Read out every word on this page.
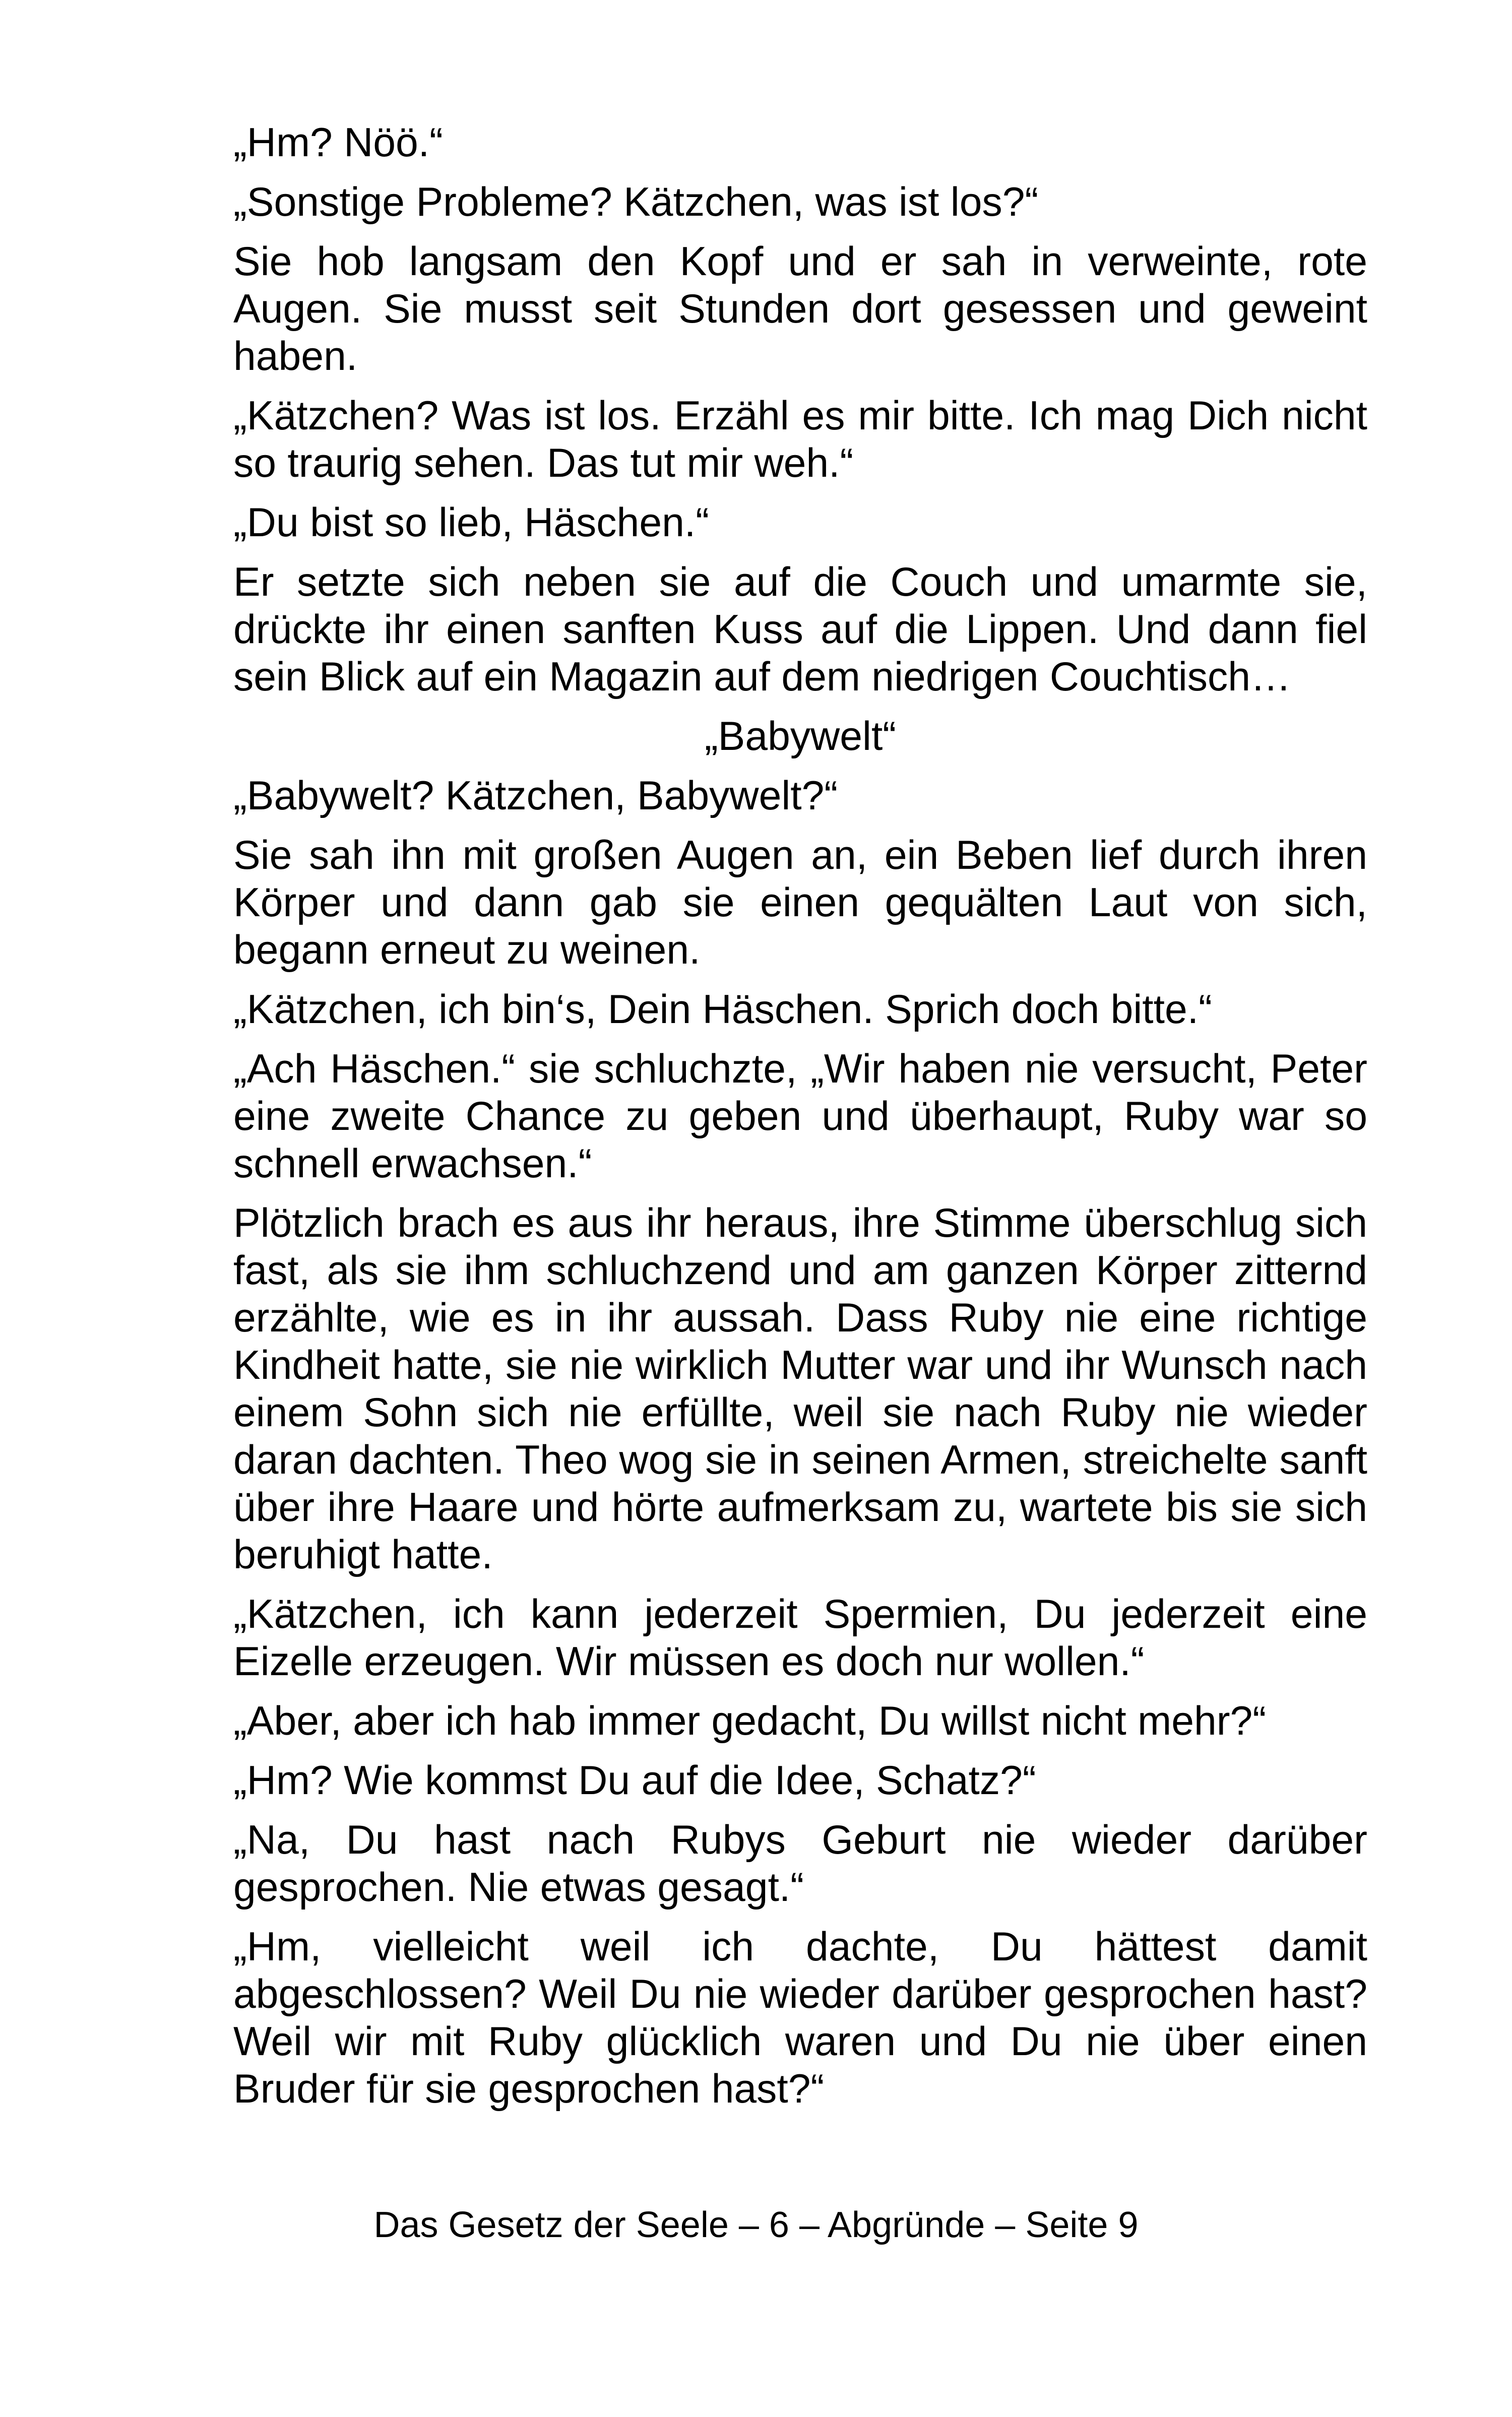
„Hm? Nöö.“

„Sonstige Probleme? Kätzchen, was ist los?“

Sie hob langsam den Kopf und er sah in verweinte, rote Augen. Sie musst seit Stunden dort gesessen und geweint haben.

„Kätzchen? Was ist los. Erzähl es mir bitte. Ich mag Dich nicht so traurig sehen. Das tut mir weh.“

„Du bist so lieb, Häschen.“

Er setzte sich neben sie auf die Couch und umarmte sie, drückte ihr einen sanften Kuss auf die Lippen. Und dann fiel sein Blick auf ein Magazin auf dem niedrigen Couchtisch…

„Babywelt“

„Babywelt? Kätzchen, Babywelt?“

Sie sah ihn mit großen Augen an, ein Beben lief durch ihren Körper und dann gab sie einen gequälten Laut von sich, begann erneut zu weinen.

„Kätzchen, ich bin‘s, Dein Häschen. Sprich doch bitte.“

„Ach Häschen.“ sie schluchzte, „Wir haben nie versucht, Peter eine zweite Chance zu geben und überhaupt, Ruby war so schnell erwachsen.“

Plötzlich brach es aus ihr heraus, ihre Stimme überschlug sich fast, als sie ihm schluchzend und am ganzen Körper zitternd erzählte, wie es in ihr aussah. Dass Ruby nie eine richtige Kindheit hatte, sie nie wirklich Mutter war und ihr Wunsch nach einem Sohn sich nie erfüllte, weil sie nach Ruby nie wieder daran dachten. Theo wog sie in seinen Armen, streichelte sanft über ihre Haare und hörte aufmerksam zu, wartete bis sie sich beruhigt hatte.

„Kätzchen, ich kann jederzeit Spermien, Du jederzeit eine Eizelle erzeugen. Wir müssen es doch nur wollen.“

„Aber, aber ich hab immer gedacht, Du willst nicht mehr?“

„Hm? Wie kommst Du auf die Idee, Schatz?“

„Na, Du hast nach Rubys Geburt nie wieder darüber gesprochen. Nie etwas gesagt.“

„Hm, vielleicht weil ich dachte, Du hättest damit abgeschlossen? Weil Du nie wieder darüber gesprochen hast? Weil wir mit Ruby glücklich waren und Du nie über einen Bruder für sie gesprochen hast?“

Das Gesetz der Seele – 6 – Abgründe – Seite 9
